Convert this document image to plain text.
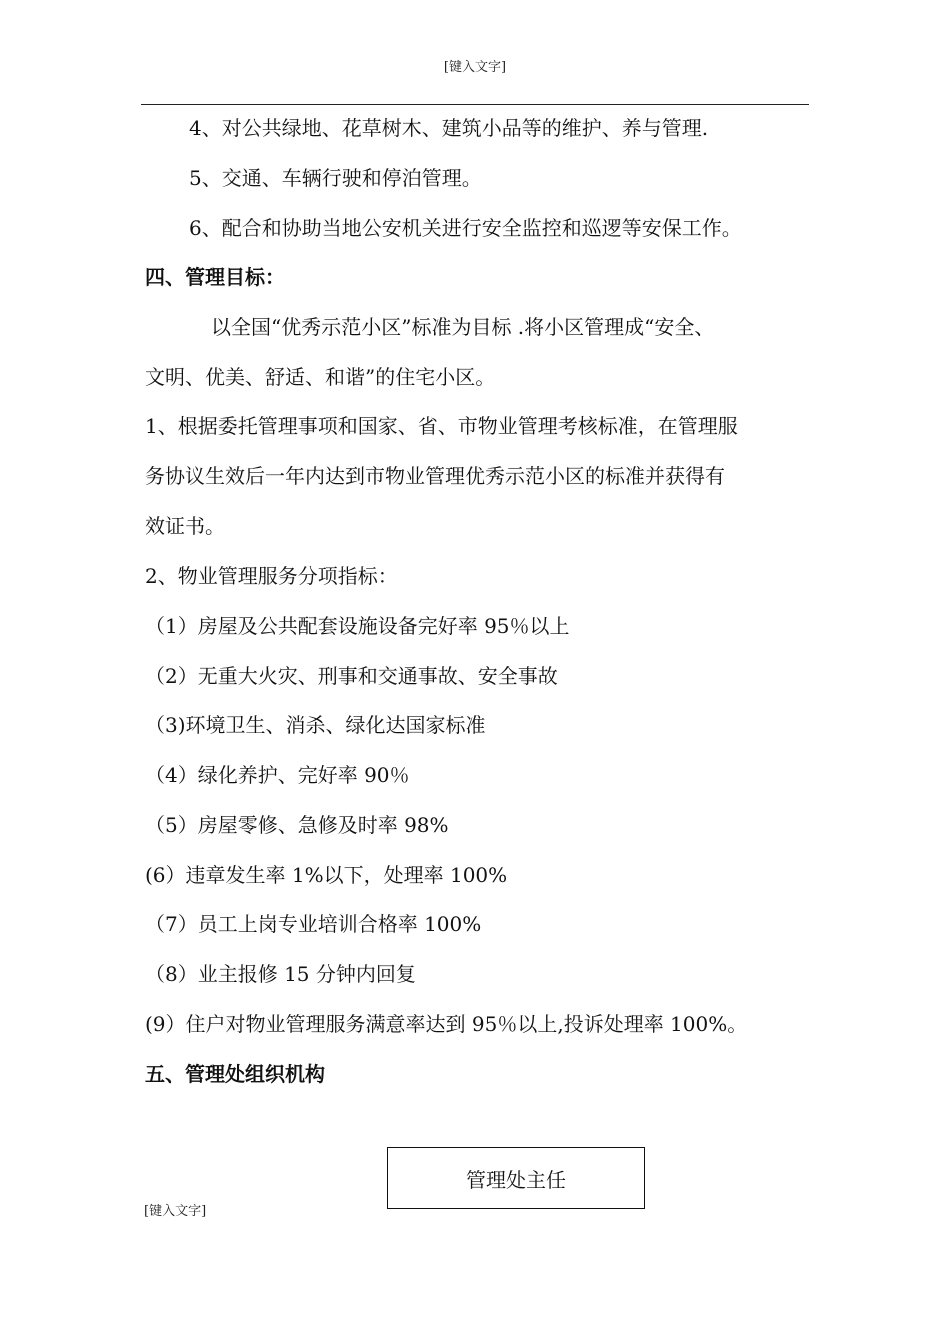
[键入文字]
4、对公共绿地、花草树木、建筑小品等的维护、养与管理.
5、交通、车辆行驶和停泊管理。
6、配合和协助当地公安机关进行安全监控和巡逻等安保工作。
四、管理目标：
以全国“优秀示范小区”标准为目标 .将小区管理成“安全、
文明、优美、舒适、和谐”的住宅小区。
1、根据委托管理事项和国家、省、市物业管理考核标准，在管理服
务协议生效后一年内达到市物业管理优秀示范小区的标准并获得有
效证书。
2、物业管理服务分项指标：
（1）房屋及公共配套设施设备完好率 95％以上
（2）无重大火灾、刑事和交通事故、安全事故
（3)环境卫生、消杀、绿化达国家标准
（4）绿化养护、完好率 90％
（5）房屋零修、急修及时率 98%
(6）违章发生率 1%以下，处理率 100%
（7）员工上岗专业培训合格率 100%
（8）业主报修 15 分钟内回复
(9）住户对物业管理服务满意率达到 95％以上,投诉处理率 100%。
五、管理处组织机构
管理处主任
[键入文字]
